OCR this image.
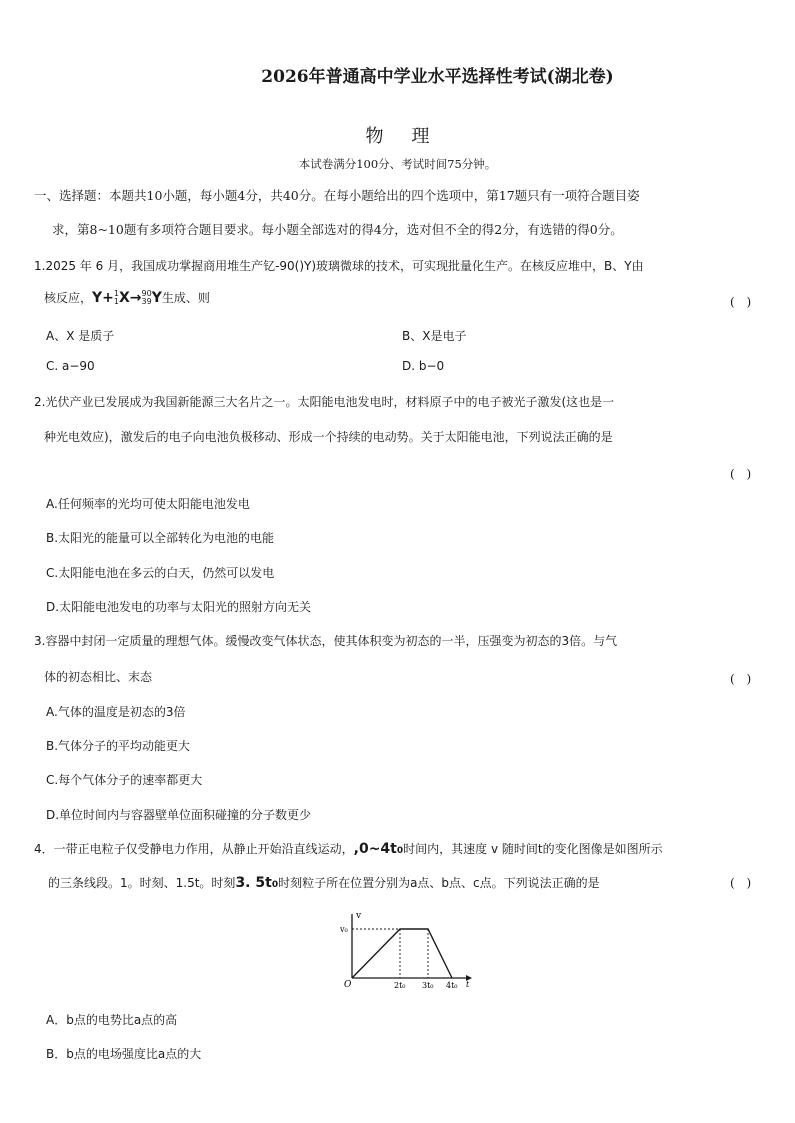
2026年普通高中学业水平选择性考试(湖北卷)
物理
本试卷满分100分、考试时间75分钟。
一、选择题：本题共10小题，每小题4分，共40分。在每小题给出的四个选项中，第17题只有一项符合题目姿
求，第8~10题有多项符合题目要求。每小题全部选对的得4分，选对但不全的得2分，有选错的得0分。
1.2025 年 6 月，我国成功掌握商用堆生产钇-90()Y)玻璃微球的技术，可实现批量化生产。在核反应堆中，B、Y由
核反应，Y+ 1
1 X→ 90
39 Y生成、则	( )
A、X 是质子	B、X是电子
C. a−90	D. b−0
2.光伏产业已发展成为我国新能源三大名片之一。太阳能电池发电时，材料原子中的电子被光子激发(这也是一
种光电效应)，激发后的电子向电池负极移动、形成一个持续的电动势。关于太阳能电池，下列说法正确的是
( )
A.任何频率的光均可使太阳能电池发电
B.太阳光的能量可以全部转化为电池的电能
C.太阳能电池在多云的白天，仍然可以发电
D.太阳能电池发电的功率与太阳光的照射方向无关
3.容器中封闭一定质量的理想气体。缓慢改变气体状态，使其体积变为初态的一半，压强变为初态的3倍。与气
体的初态相比、末态	( )
A.气体的温度是初态的3倍
B.气体分子的平均动能更大
C.每个气体分子的速率都更大
D.单位时间内与容器壁单位面积碰撞的分子数更少
4．一带正电粒子仅受静电力作用，从静止开始沿直线运动，,0~4t0时间内，其速度 v 随时间t的变化图像是如图所示
的三条线段。1。时刻、1.5t。时刻3. 5t0时刻粒子所在位置分别为a点、b点、c点。下列说法正确的是	( )
v
v₀
O	2t₀ 3t₀ 4t₀ t
A．b点的电势比a点的高
B．b点的电场强度比a点的大
